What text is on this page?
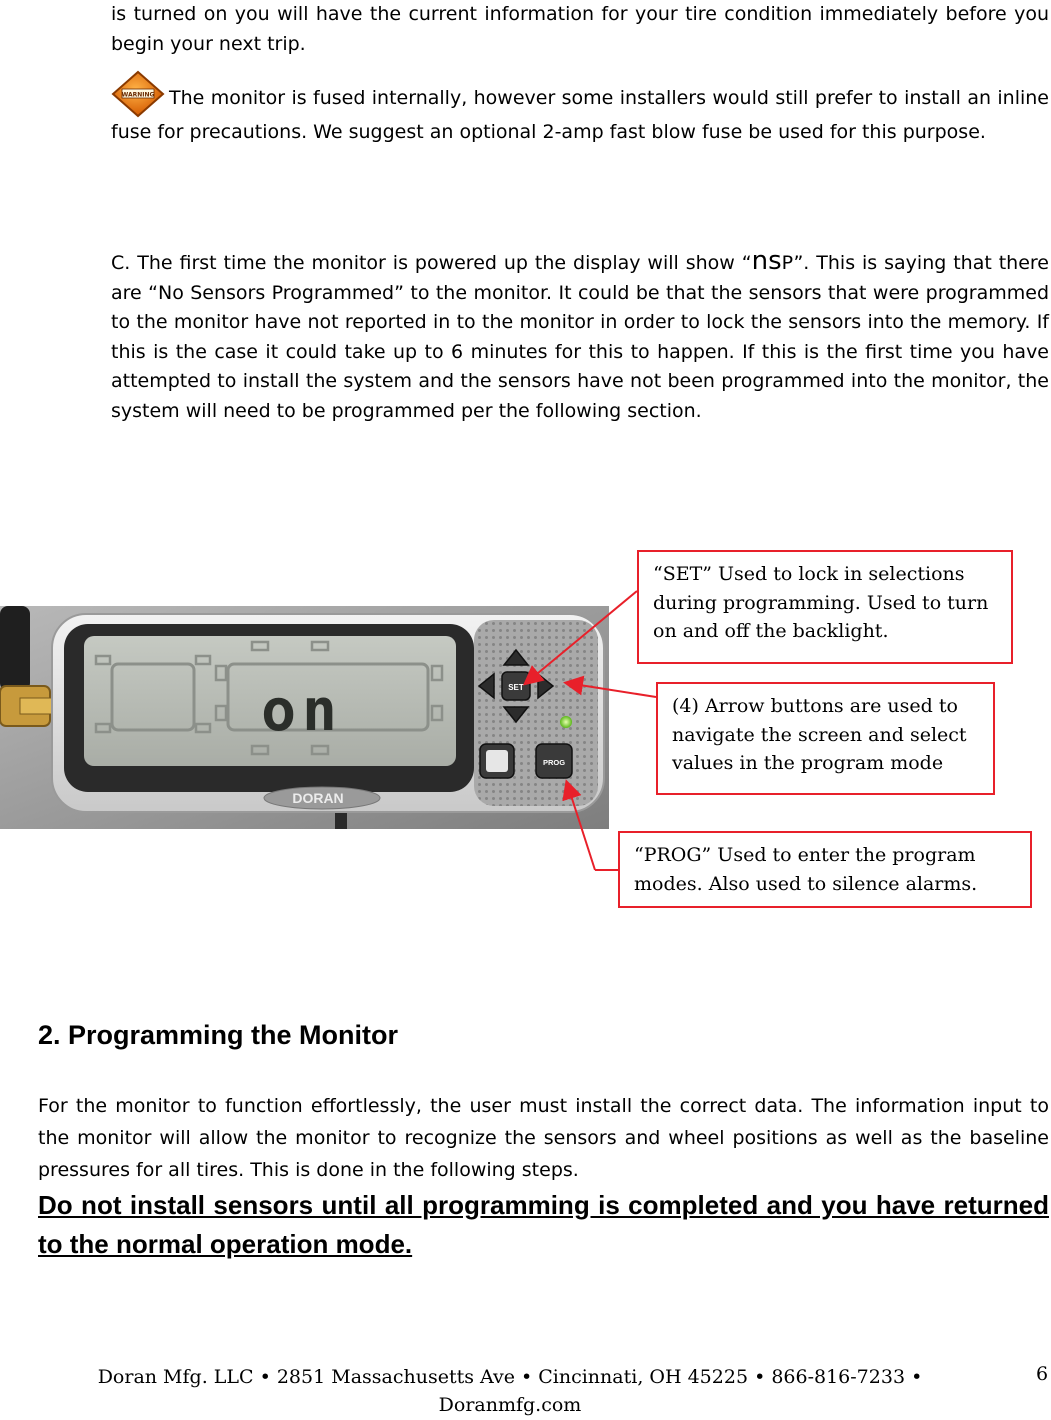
is turned on you will have the current information for your tire condition immediately before you begin your next trip.

WARNING The monitor is fused internally, however some installers would still prefer to install an inline fuse for precautions. We suggest an optional 2-amp fast blow fuse be used for this purpose.

C. The first time the monitor is powered up the display will show “nsP”. This is saying that there are “No Sensors Programmed” to the monitor. It could be that the sensors that were programmed to the monitor have not reported in to the monitor in order to lock the sensors into the memory. If this is the case it could take up to 6 minutes for this to happen. If this is the first time you have attempted to install the system and the sensors have not been programmed into the monitor, the system will need to be programmed per the following section.

on
DORAN
SET
PROG

“SET” Used to lock in selections during programming. Used to turn on and off the backlight.

(4) Arrow buttons are used to navigate the screen and select values in the program mode

“PROG” Used to enter the program modes. Also used to silence alarms.

2. Programming the Monitor

For the monitor to function effortlessly, the user must install the correct data. The information input to the monitor will allow the monitor to recognize the sensors and wheel positions as well as the baseline pressures for all tires. This is done in the following steps.
Do not install sensors until all programming is completed and you have returned to the normal operation mode.

Doran Mfg. LLC • 2851 Massachusetts Ave • Cincinnati, OH 45225 • 866-816-7233 • Doranmfg.com

6
